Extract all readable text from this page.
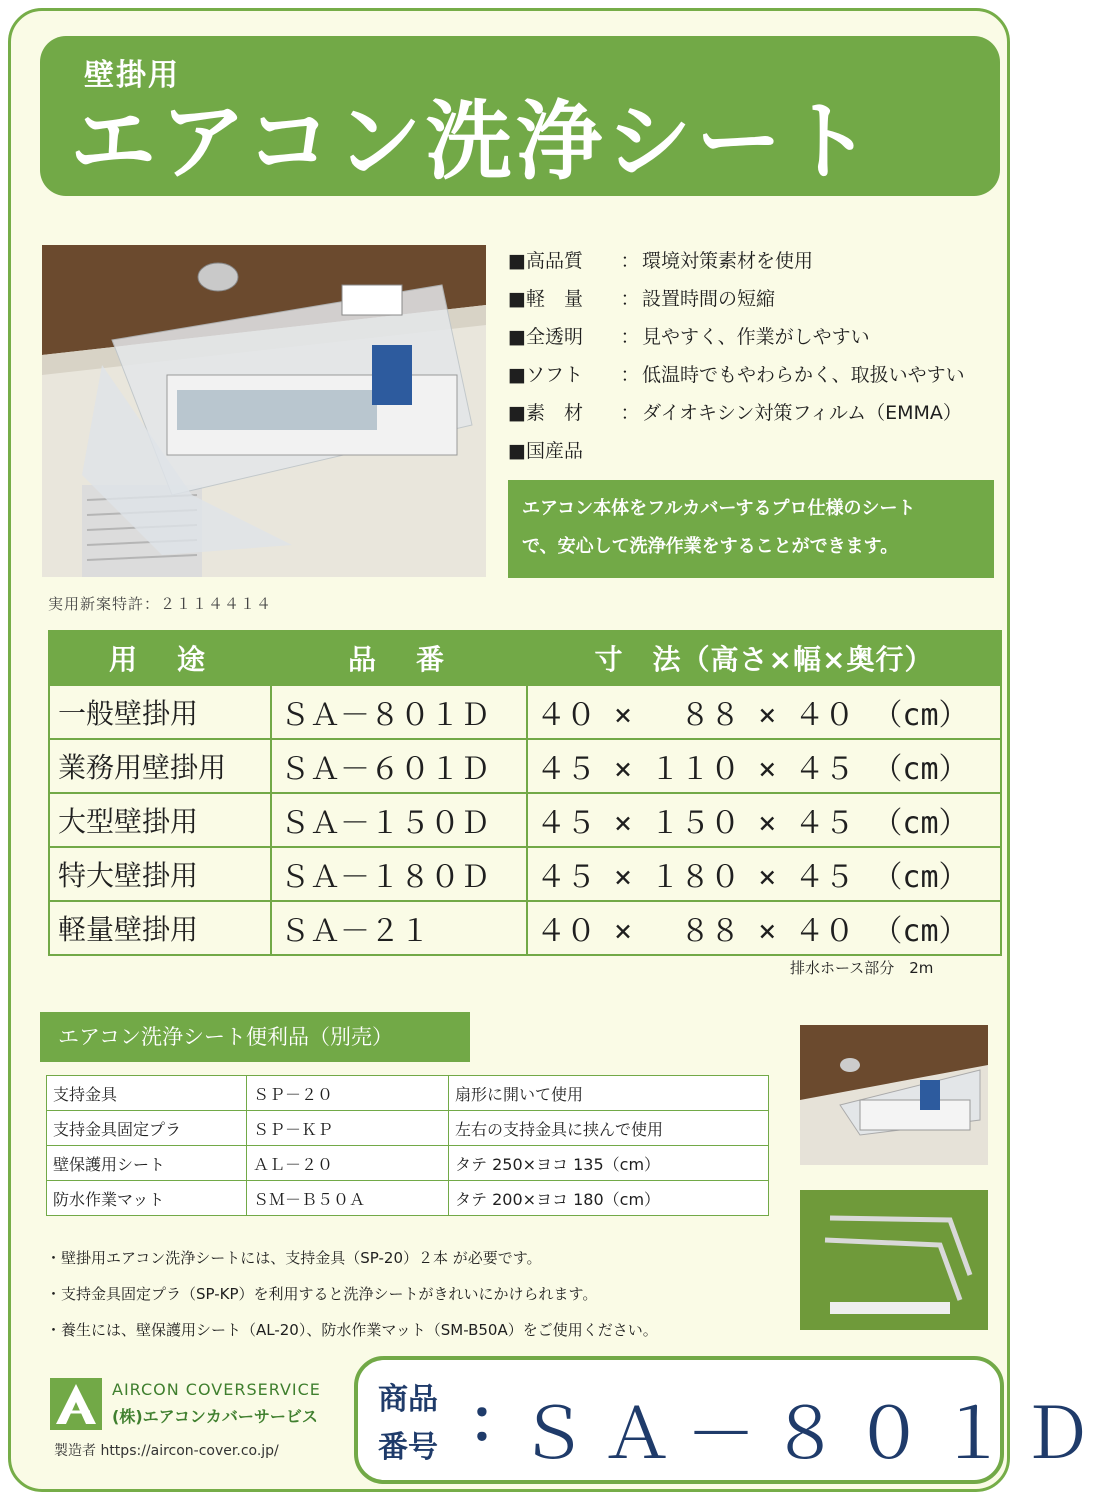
壁掛用
エアコン洗浄シート
■高品質	： 環境対策素材を使用
■軽　量	： 設置時間の短縮
■全透明	： 見やすく、作業がしやすい
■ソフト	： 低温時でもやわらかく、取扱いやすい
■素　材	： ダイオキシン対策フィルム（EMMA）
■国産品
エアコン本体をフルカバーするプロ仕様のシート
で、安心して洗浄作業をすることができます。
実用新案特許：２１１４４１４
用　途	品　番	寸　法（高さ×幅×奥行）
一般壁掛用	ＳＡ－８０１Ｄ	４０ ×　 ８８ × ４０ （cm）
業務用壁掛用	ＳＡ－６０１Ｄ	４５ × １１０ × ４５ （cm）
大型壁掛用	ＳＡ－１５０Ｄ	４５ × １５０ × ４５ （cm）
特大壁掛用	ＳＡ－１８０Ｄ	４５ × １８０ × ４５ （cm）
軽量壁掛用	ＳＡ－２１	４０ ×　 ８８ × ４０ （cm）
排水ホース部分　2m
エアコン洗浄シート便利品（別売）
支持金具	ＳＰ－２０	扇形に開いて使用
支持金具固定プラ	ＳＰ－ＫＰ	左右の支持金具に挟んで使用
壁保護用シート	ＡＬ－２０	タテ 250×ヨコ 135（cm）
防水作業マット	ＳＭ－Ｂ５０Ａ	タテ 200×ヨコ 180（cm）
・壁掛用エアコン洗浄シートには、支持金具（SP-20）２本 が必要です。
・支持金具固定プラ（SP-KP）を利用すると洗浄シートがきれいにかけられます。
・養生には、壁保護用シート（AL-20）、防水作業マット（SM-B50A）をご使用ください。
AIRCON COVERSERVICE
(株)エアコンカバーサービス
製造者 https://aircon-cover.co.jp/
商品
番号 ：
ＳＡ－８０１Ｄ
